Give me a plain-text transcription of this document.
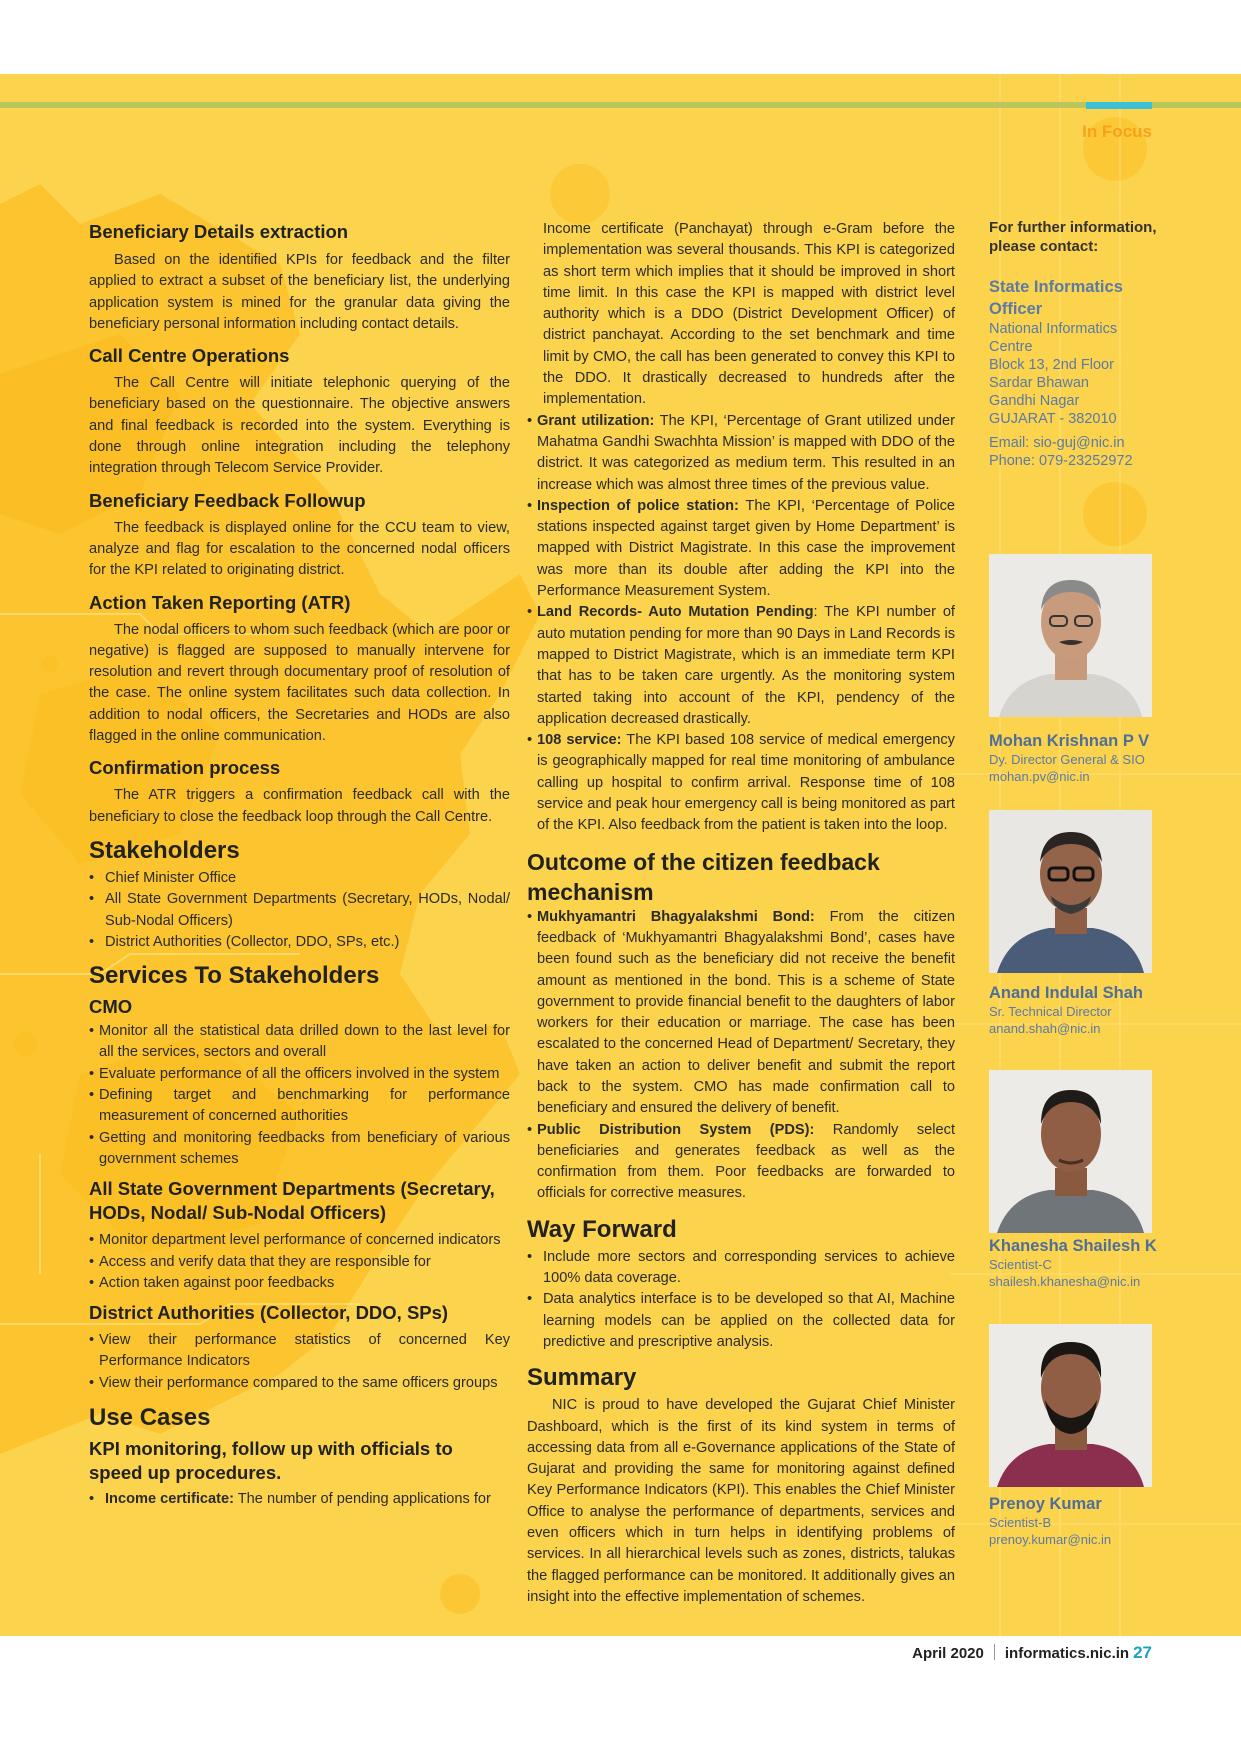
In Focus
Beneficiary Details extraction

Based on the identified KPIs for feedback and the filter applied to extract a subset of the beneficiary list, the underlying application system is mined for the granular data giving the beneficiary personal information including contact details.

Call Centre Operations

The Call Centre will initiate telephonic querying of the beneficiary based on the questionnaire. The objective answers and final feedback is recorded into the system. Everything is done through online integration including the telephony integration through Telecom Service Provider.

Beneficiary Feedback Followup

The feedback is displayed online for the CCU team to view, analyze and flag for escalation to the concerned nodal officers for the KPI related to originating district.

Action Taken Reporting (ATR)

The nodal officers to whom such feedback (which are poor or negative) is flagged are supposed to manually intervene for resolution and revert through documentary proof of resolution of the case. The online system facilitates such data collection. In addition to nodal officers, the Secretaries and HODs are also flagged in the online communication.

Confirmation process

The ATR triggers a confirmation feedback call with the beneficiary to close the feedback loop through the Call Centre.

Stakeholders
• Chief Minister Office
• All State Government Departments (Secretary, HODs, Nodal/ Sub-Nodal Officers)
• District Authorities (Collector, DDO, SPs, etc.)
Services To Stakeholders
CMO
• Monitor all the statistical data drilled down to the last level for all the services, sectors and overall
• Evaluate performance of all the officers involved in the system
• Defining target and benchmarking for performance measurement of concerned authorities
• Getting and monitoring feedbacks from beneficiary of various government schemes
All State Government Departments (Secretary, HODs, Nodal/ Sub-Nodal Officers)
• Monitor department level performance of concerned indicators
• Access and verify data that they are responsible for
• Action taken against poor feedbacks
District Authorities (Collector, DDO, SPs)
• View their performance statistics of concerned Key Performance Indicators
• View their performance compared to the same officers groups
Use Cases
KPI monitoring, follow up with officials to speed up procedures.
• Income certificate: The number of pending applications for

Income certificate (Panchayat) through e-Gram before the implementation was several thousands. This KPI is categorized as short term which implies that it should be improved in short time limit. In this case the KPI is mapped with district level authority which is a DDO (District Development Officer) of district panchayat. According to the set benchmark and time limit by CMO, the call has been generated to convey this KPI to the DDO. It drastically decreased to hundreds after the implementation.

• Grant utilization: The KPI, ‘Percentage of Grant utilized under Mahatma Gandhi Swachhta Mission’ is mapped with DDO of the district. It was categorized as medium term. This resulted in an increase which was almost three times of the previous value.
• Inspection of police station: The KPI, ‘Percentage of Police stations inspected against target given by Home Department’ is mapped with District Magistrate. In this case the improvement was more than its double after adding the KPI into the Performance Measurement System.
• Land Records- Auto Mutation Pending: The KPI number of auto mutation pending for more than 90 Days in Land Records is mapped to District Magistrate, which is an immediate term KPI that has to be taken care urgently. As the monitoring system started taking into account of the KPI, pendency of the application decreased drastically.
• 108 service: The KPI based 108 service of medical emergency is geographically mapped for real time monitoring of ambulance calling up hospital to confirm arrival. Response time of 108 service and peak hour emergency call is being monitored as part of the KPI. Also feedback from the patient is taken into the loop.
Outcome of the citizen feedback mechanism
• Mukhyamantri Bhagyalakshmi Bond: From the citizen feedback of ‘Mukhyamantri Bhagyalakshmi Bond’, cases have been found such as the beneficiary did not receive the benefit amount as mentioned in the bond. This is a scheme of State government to provide financial benefit to the daughters of labor workers for their education or marriage. The case has been escalated to the concerned Head of Department/ Secretary, they have taken an action to deliver benefit and submit the report back to the system. CMO has made confirmation call to beneficiary and ensured the delivery of benefit.
• Public Distribution System (PDS): Randomly select beneficiaries and generates feedback as well as the confirmation from them. Poor feedbacks are forwarded to officials for corrective measures.
Way Forward
• Include more sectors and corresponding services to achieve 100% data coverage.
• Data analytics interface is to be developed so that AI, Machine learning models can be applied on the collected data for predictive and prescriptive analysis.
Summary

NIC is proud to have developed the Gujarat Chief Minister Dashboard, which is the first of its kind system in terms of accessing data from all e-Governance applications of the State of Gujarat and providing the same for monitoring against defined Key Performance Indicators (KPI). This enables the Chief Minister Office to analyse the performance of departments, services and even officers which in turn helps in identifying problems of services. In all hierarchical levels such as zones, districts, talukas the flagged performance can be monitored. It additionally gives an insight into the effective implementation of schemes.

For further information, please contact:
State Informatics Officer
National Informatics Centre
Block 13, 2nd Floor
Sardar Bhawan
Gandhi Nagar
GUJARAT - 382010
Email: sio-guj@nic.in
Phone: 079-23252972
Mohan Krishnan P V
Dy. Director General & SIO
mohan.pv@nic.in
Anand Indulal Shah
Sr. Technical Director
anand.shah@nic.in
Khanesha Shailesh K
Scientist-C
shailesh.khanesha@nic.in
Prenoy Kumar
Scientist-B
prenoy.kumar@nic.in
April 2020 informatics.nic.in 27
